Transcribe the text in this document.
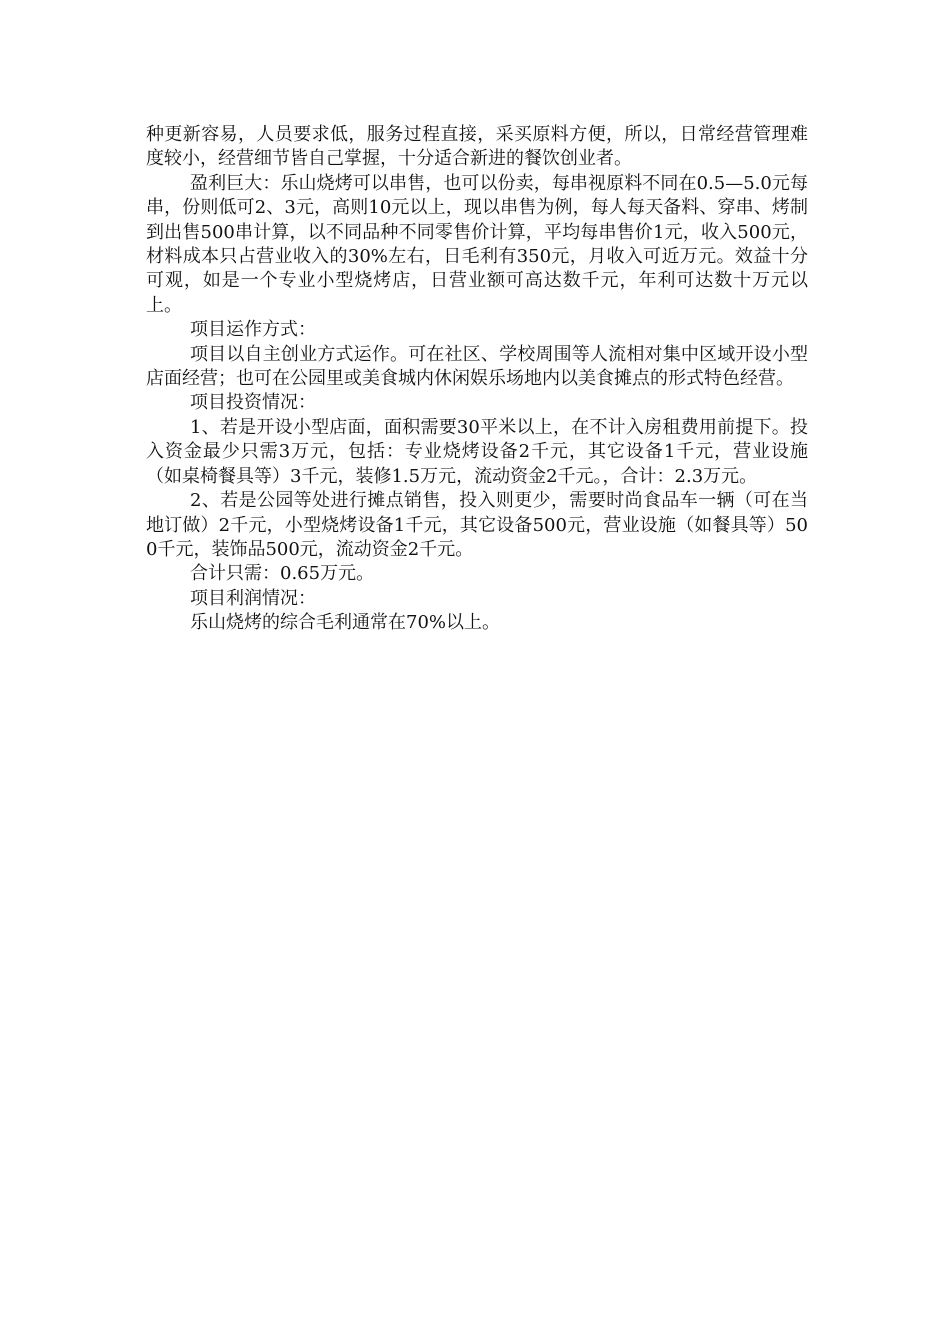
种更新容易，人员要求低，服务过程直接，采买原料方便，所以，日常经营管理难度较小，经营细节皆自己掌握，十分适合新进的餐饮创业者。

盈利巨大：乐山烧烤可以串售，也可以份卖，每串视原料不同在0.5—5.0元每串，份则低可2、3元，高则10元以上，现以串售为例，每人每天备料、穿串、烤制到出售500串计算，以不同品种不同零售价计算，平均每串售价1元，收入500元，材料成本只占营业收入的30%左右，日毛利有350元，月收入可近万元。效益十分可观，如是一个专业小型烧烤店，日营业额可高达数千元，年利可达数十万元以上。

项目运作方式：

项目以自主创业方式运作。可在社区、学校周围等人流相对集中区域开设小型店面经营；也可在公园里或美食城内休闲娱乐场地内以美食摊点的形式特色经营。

项目投资情况：

1、若是开设小型店面，面积需要30平米以上，在不计入房租费用前提下。投入资金最少只需3万元，包括：专业烧烤设备2千元，其它设备1千元，营业设施（如桌椅餐具等）3千元，装修1.5万元，流动资金2千元。，合计：2.3万元。

2、若是公园等处进行摊点销售，投入则更少，需要时尚食品车一辆（可在当地订做）2千元，小型烧烤设备1千元，其它设备500元，营业设施（如餐具等）500千元，装饰品500元，流动资金2千元。

合计只需：0.65万元。

项目利润情况：

乐山烧烤的综合毛利通常在70%以上。
